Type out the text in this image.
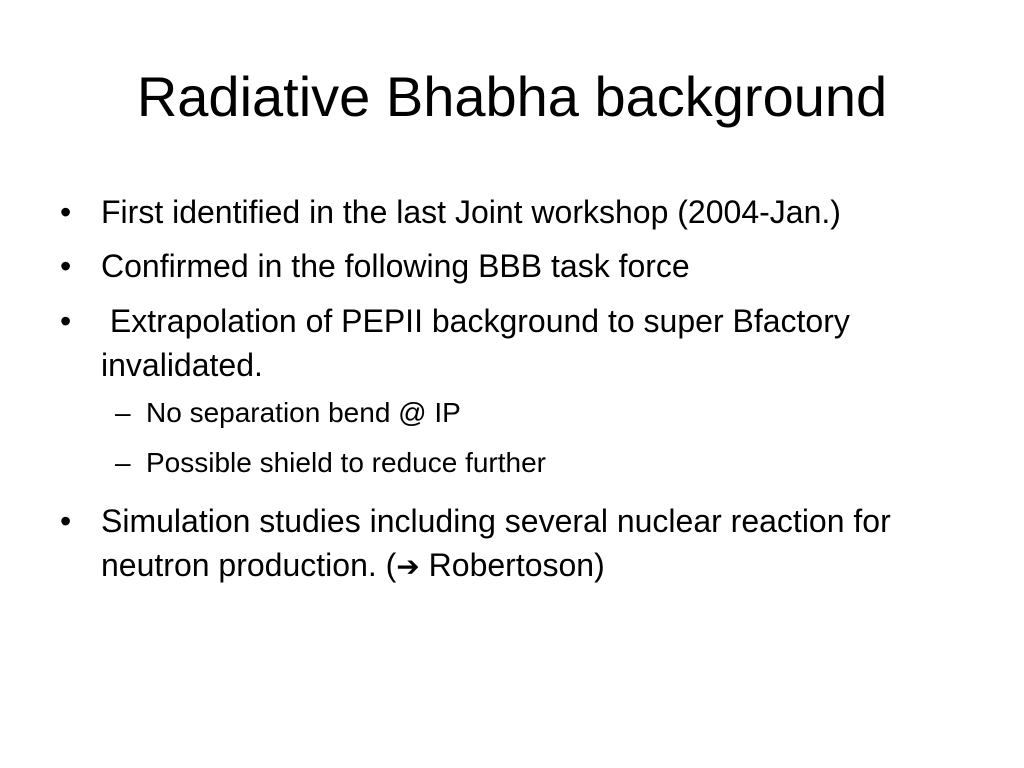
Radiative Bhabha background
• First identified in the last Joint workshop (2004-Jan.)
• Confirmed in the following BBB task force
• Extrapolation of PEPII background to super Bfactory invalidated.
– No separation bend @ IP
– Possible shield to reduce further
• Simulation studies including several nuclear reaction for neutron production. (➔ Robertoson)
